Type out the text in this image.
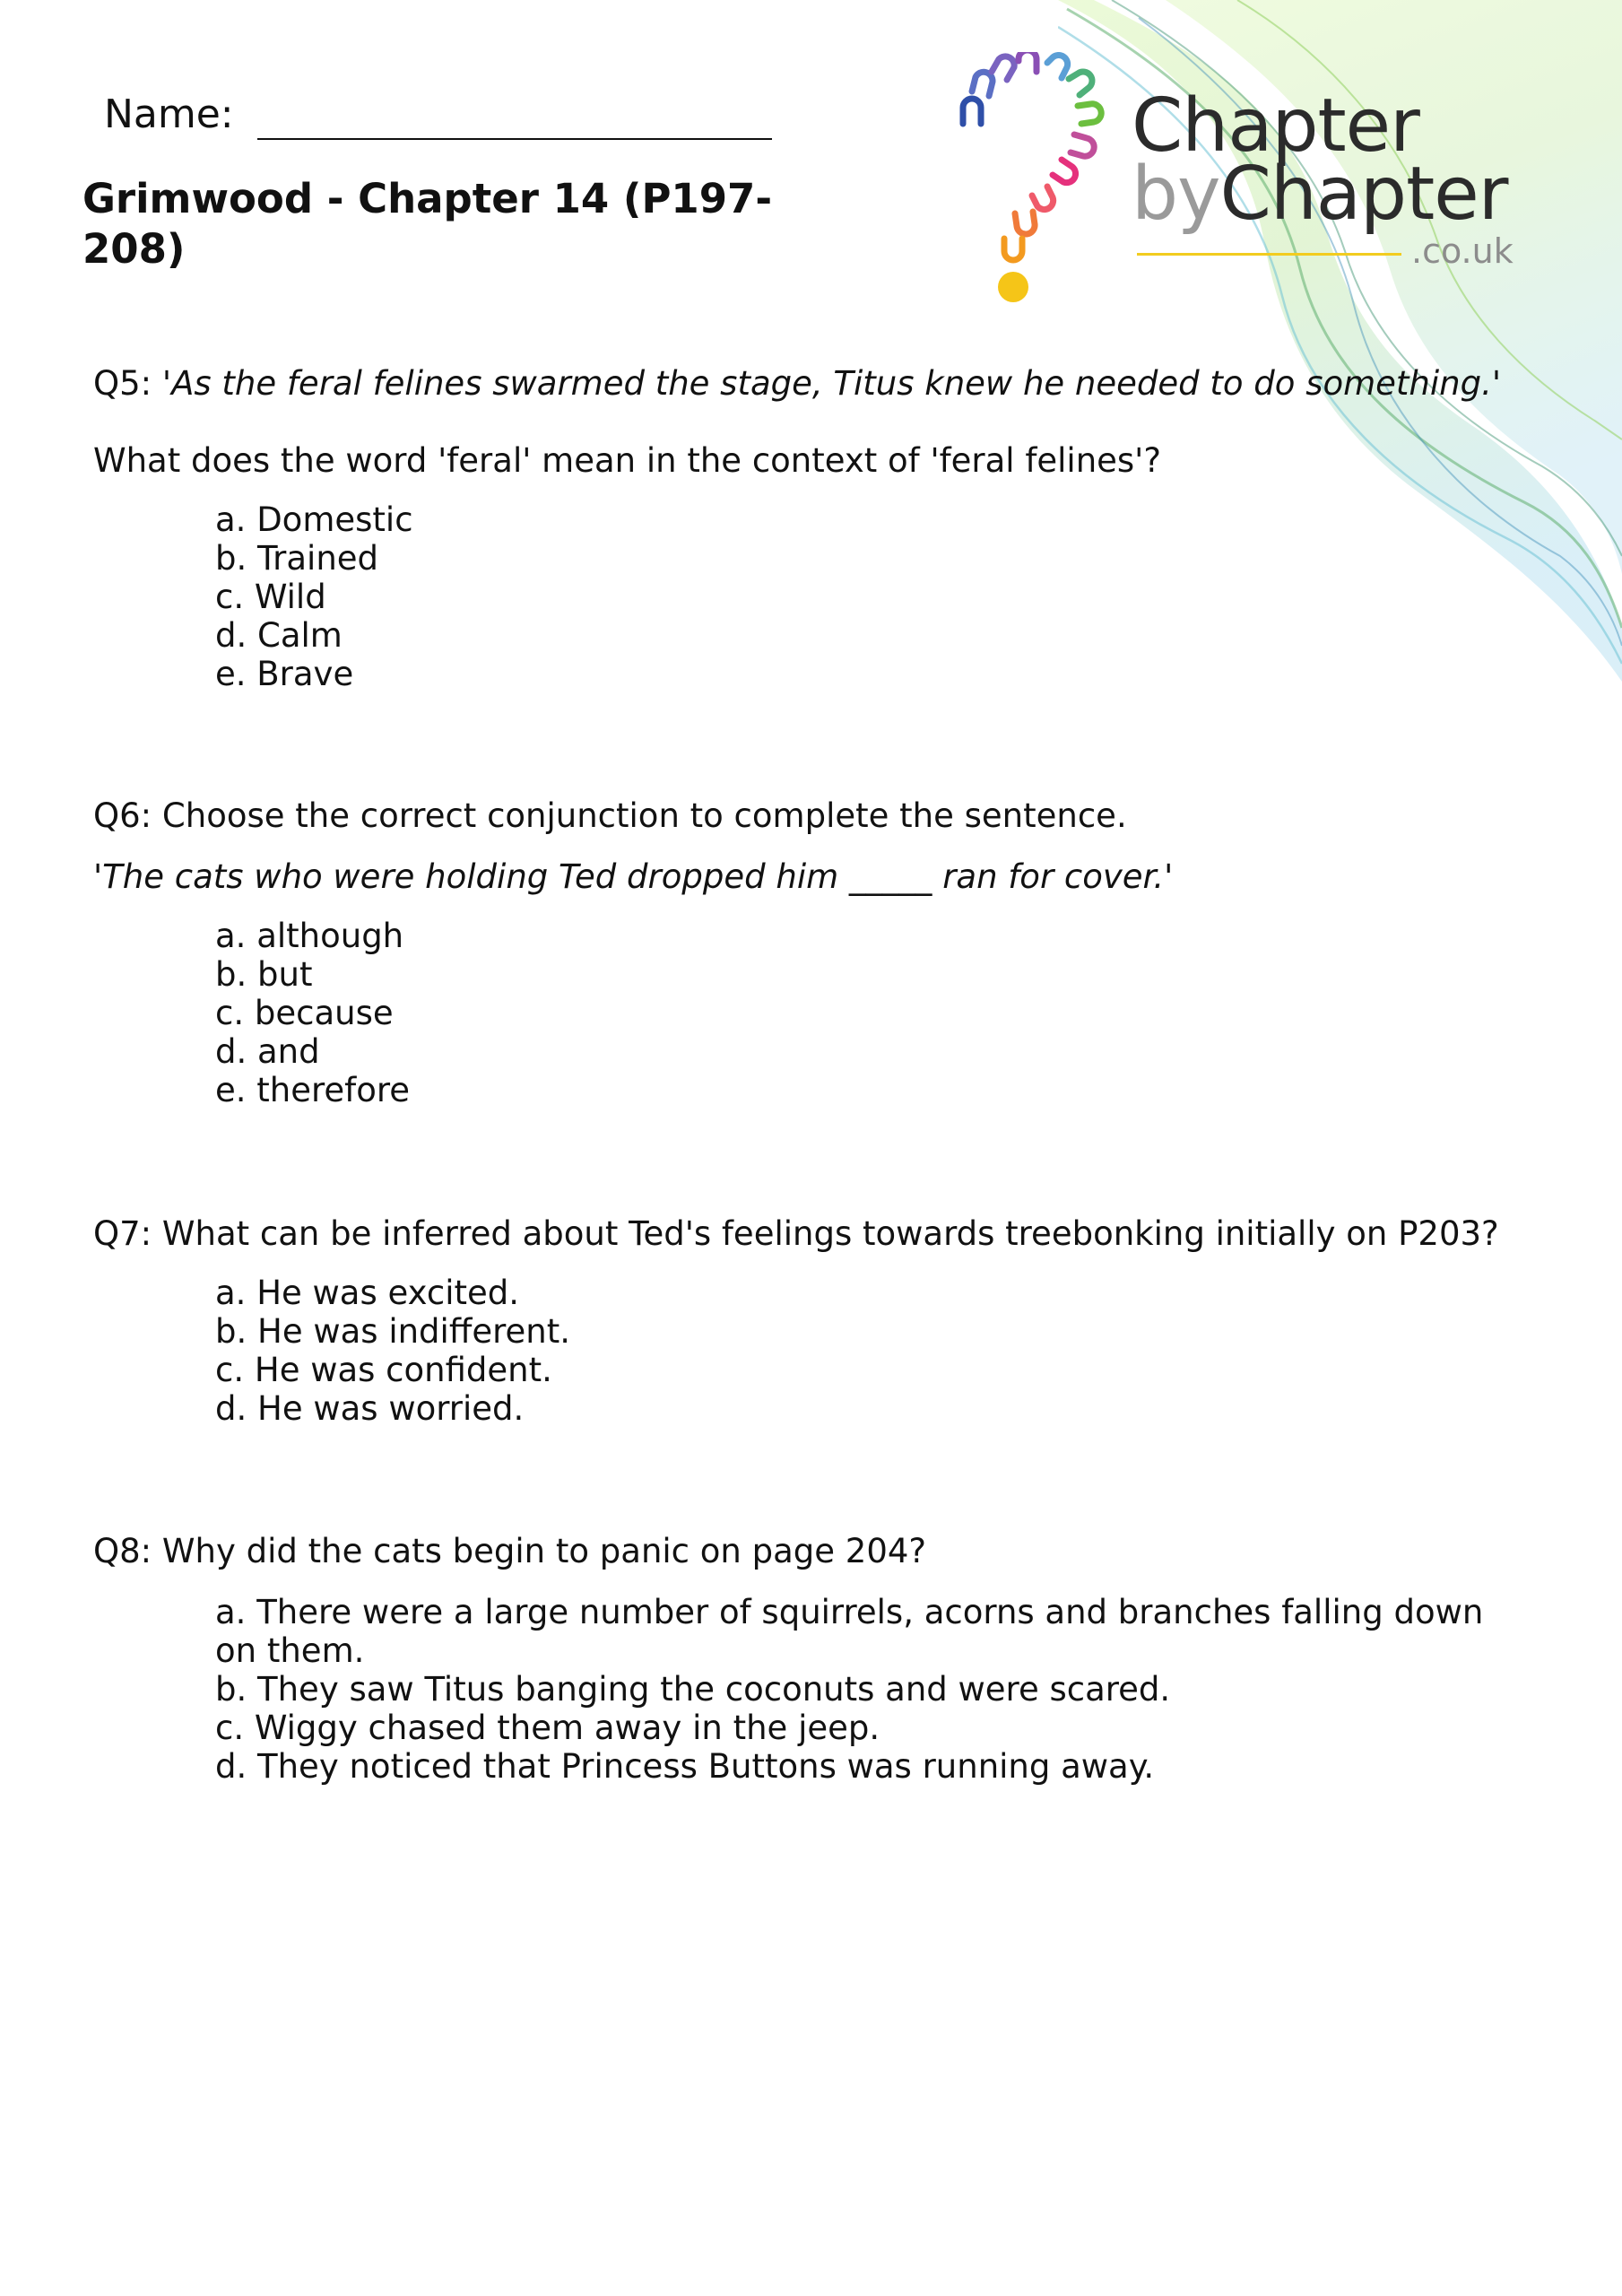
Chapter
byChapter
.co.uk
Name:
Grimwood - Chapter 14 (P197-208)
Q5: 'As the feral felines swarmed the stage, Titus knew he needed to do something.'
What does the word 'feral' mean in the context of 'feral felines'?
a. Domestic
b. Trained
c. Wild
d. Calm
e. Brave
Q6: Choose the correct conjunction to complete the sentence.
'The cats who were holding Ted dropped him _____ ran for cover.'
a. although
b. but
c. because
d. and
e. therefore
Q7: What can be inferred about Ted's feelings towards treebonking initially on P203?
a. He was excited.
b. He was indifferent.
c. He was confident.
d. He was worried.
Q8: Why did the cats begin to panic on page 204?
a. There were a large number of squirrels, acorns and branches falling down on them.
b. They saw Titus banging the coconuts and were scared.
c. Wiggy chased them away in the jeep.
d. They noticed that Princess Buttons was running away.
